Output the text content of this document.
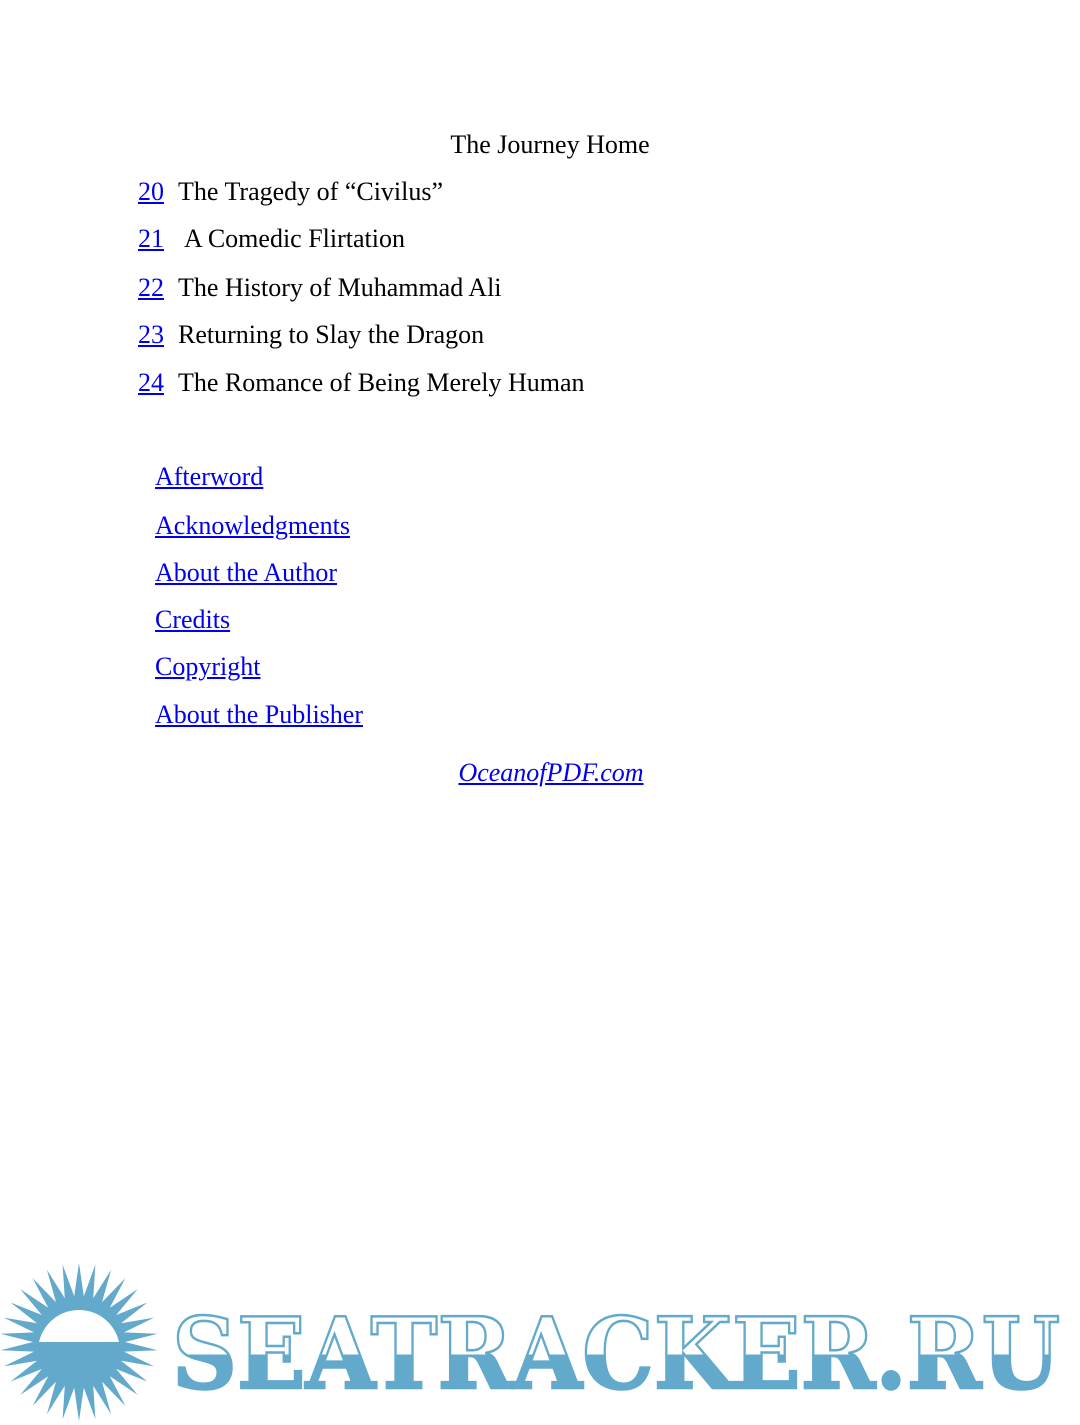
The Journey Home
20 The Tragedy of “Civilus”
21 A Comedic Flirtation
22 The History of Muhammad Ali
23 Returning to Slay the Dragon
24 The Romance of Being Merely Human
Afterword
Acknowledgments
About the Author
Credits
Copyright
About the Publisher
OceanofPDF.com
SEATRACKER.RU
